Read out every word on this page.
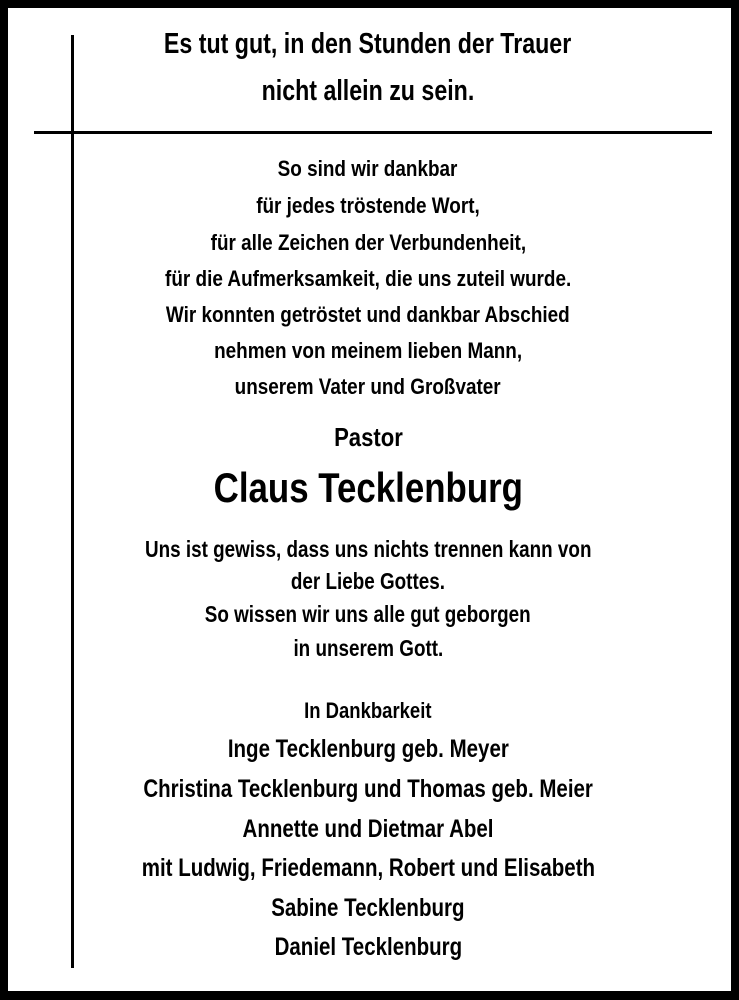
Es tut gut, in den Stunden der Trauer
nicht allein zu sein.
So sind wir dankbar
für jedes tröstende Wort,
für alle Zeichen der Verbundenheit,
für die Aufmerksamkeit, die uns zuteil wurde.
Wir konnten getröstet und dankbar Abschied
nehmen von meinem lieben Mann,
unserem Vater und Großvater
Pastor
Claus Tecklenburg
Uns ist gewiss, dass uns nichts trennen kann von
der Liebe Gottes.
So wissen wir uns alle gut geborgen
in unserem Gott.
In Dankbarkeit
Inge Tecklenburg geb. Meyer
Christina Tecklenburg und Thomas geb. Meier
Annette und Dietmar Abel
mit Ludwig, Friedemann, Robert und Elisabeth
Sabine Tecklenburg
Daniel Tecklenburg
